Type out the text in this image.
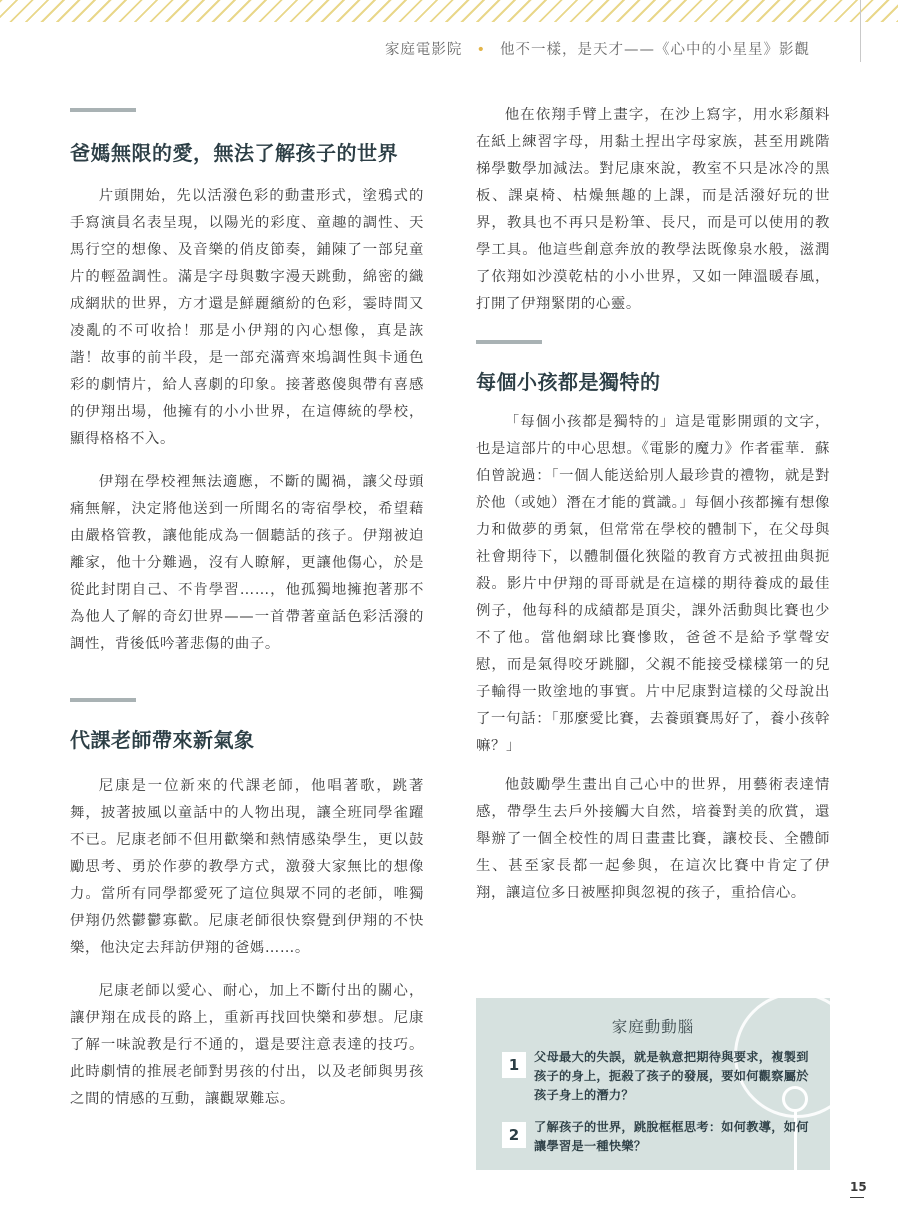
家庭電影院 • 他不一樣，是天才——《心中的小星星》影觀
爸媽無限的愛，無法了解孩子的世界

片頭開始，先以活潑色彩的動畫形式，塗鴉式的手寫演員名表呈現，以陽光的彩度、童趣的調性、天馬行空的想像、及音樂的俏皮節奏，鋪陳了一部兒童片的輕盈調性。滿是字母與數字漫天跳動，綿密的織成網狀的世界，方才還是鮮麗繽紛的色彩，霎時間又凌亂的不可收拾！那是小伊翔的內心想像，真是詼諧！故事的前半段，是一部充滿齊來塢調性與卡通色彩的劇情片，給人喜劇的印象。接著憨傻與帶有喜感的伊翔出場，他擁有的小小世界，在這傳統的學校，顯得格格不入。

伊翔在學校裡無法適應，不斷的闖禍，讓父母頭痛無解，決定將他送到一所聞名的寄宿學校，希望藉由嚴格管教，讓他能成為一個聽話的孩子。伊翔被迫離家，他十分難過，沒有人瞭解，更讓他傷心，於是從此封閉自己、不肯學習……，他孤獨地擁抱著那不為他人了解的奇幻世界——一首帶著童話色彩活潑的調性，背後低吟著悲傷的曲子。

代課老師帶來新氣象

尼康是一位新來的代課老師，他唱著歌，跳著舞，披著披風以童話中的人物出現，讓全班同學雀躍不已。尼康老師不但用歡樂和熱情感染學生，更以鼓勵思考、勇於作夢的教學方式，激發大家無比的想像力。當所有同學都愛死了這位與眾不同的老師，唯獨伊翔仍然鬱鬱寡歡。尼康老師很快察覺到伊翔的不快樂，他決定去拜訪伊翔的爸媽……。

尼康老師以愛心、耐心，加上不斷付出的關心，讓伊翔在成長的路上，重新再找回快樂和夢想。尼康了解一味說教是行不通的，還是要注意表達的技巧。此時劇情的推展老師對男孩的付出，以及老師與男孩之間的情感的互動，讓觀眾難忘。

他在依翔手臂上畫字，在沙上寫字，用水彩顏料在紙上練習字母，用黏土捏出字母家族，甚至用跳階梯學數學加減法。對尼康來說，教室不只是冰冷的黑板、課桌椅、枯燥無趣的上課，而是活潑好玩的世界，教具也不再只是粉筆、長尺，而是可以使用的教學工具。他這些創意奔放的教學法既像泉水般，滋潤了依翔如沙漠乾枯的小小世界，又如一陣溫暖春風，打開了伊翔緊閉的心靈。

每個小孩都是獨特的

「每個小孩都是獨特的」這是電影開頭的文字，也是這部片的中心思想。《電影的魔力》作者霍華．蘇伯曾說過：「一個人能送給別人最珍貴的禮物，就是對於他（或她）潛在才能的賞識。」每個小孩都擁有想像力和做夢的勇氣，但常常在學校的體制下，在父母與社會期待下，以體制僵化狹隘的教育方式被扭曲與扼殺。影片中伊翔的哥哥就是在這樣的期待養成的最佳例子，他每科的成績都是頂尖，課外活動與比賽也少不了他。當他網球比賽慘敗，爸爸不是給予掌聲安慰，而是氣得咬牙跳腳，父親不能接受樣樣第一的兒子輸得一敗塗地的事實。片中尼康對這樣的父母說出了一句話：「那麼愛比賽，去養頭賽馬好了，養小孩幹嘛？」

他鼓勵學生畫出自己心中的世界，用藝術表達情感，帶學生去戶外接觸大自然，培養對美的欣賞，還舉辦了一個全校性的周日畫畫比賽，讓校長、全體師生、甚至家長都一起參與，在這次比賽中肯定了伊翔，讓這位多日被壓抑與忽視的孩子，重拾信心。

家庭動動腦
1	父母最大的失誤，就是執意把期待與要求，複製到孩子的身上，扼殺了孩子的發展，要如何觀察屬於孩子身上的潛力？
2	了解孩子的世界，跳脫框框思考：如何教導，如何讓學習是一種快樂？
15
